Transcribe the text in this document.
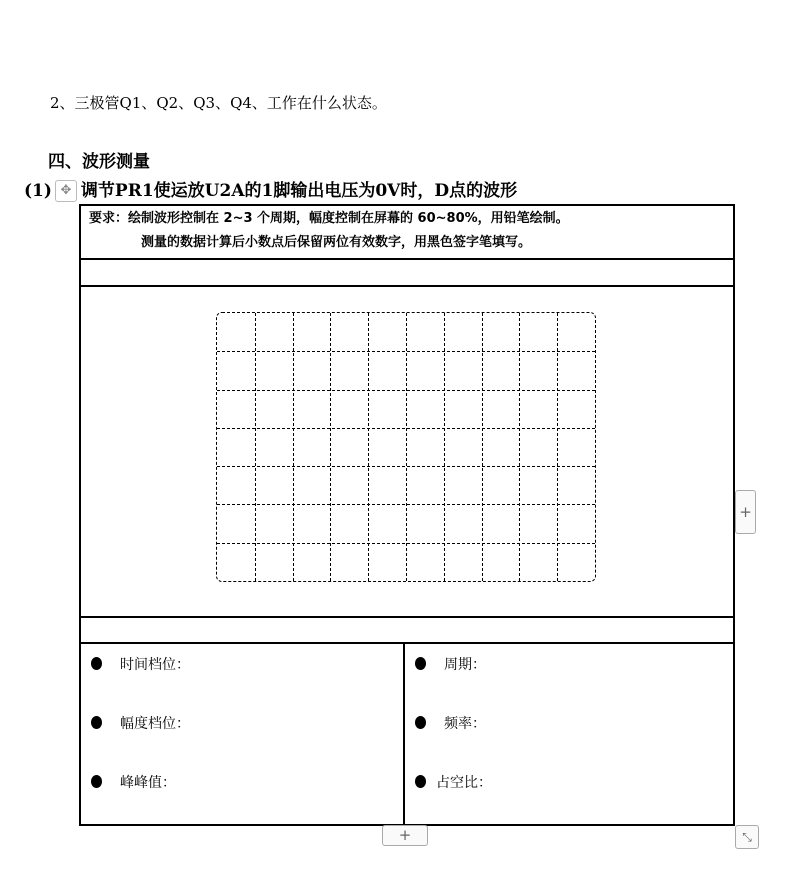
2、三极管Q1、Q2、Q3、Q4、工作在什么状态。
四、波形测量
(1) ✥ 调节PR1使运放U2A的1脚输出电压为0V时，D点的波形
要求：绘制波形控制在 2~3 个周期，幅度控制在屏幕的 60~80%，用铅笔绘制。
测量的数据计算后小数点后保留两位有效数字，用黑色签字笔填写。
时间档位：
幅度档位：
峰峰值：
周期：
频率：
占空比：
+
+	⤡
